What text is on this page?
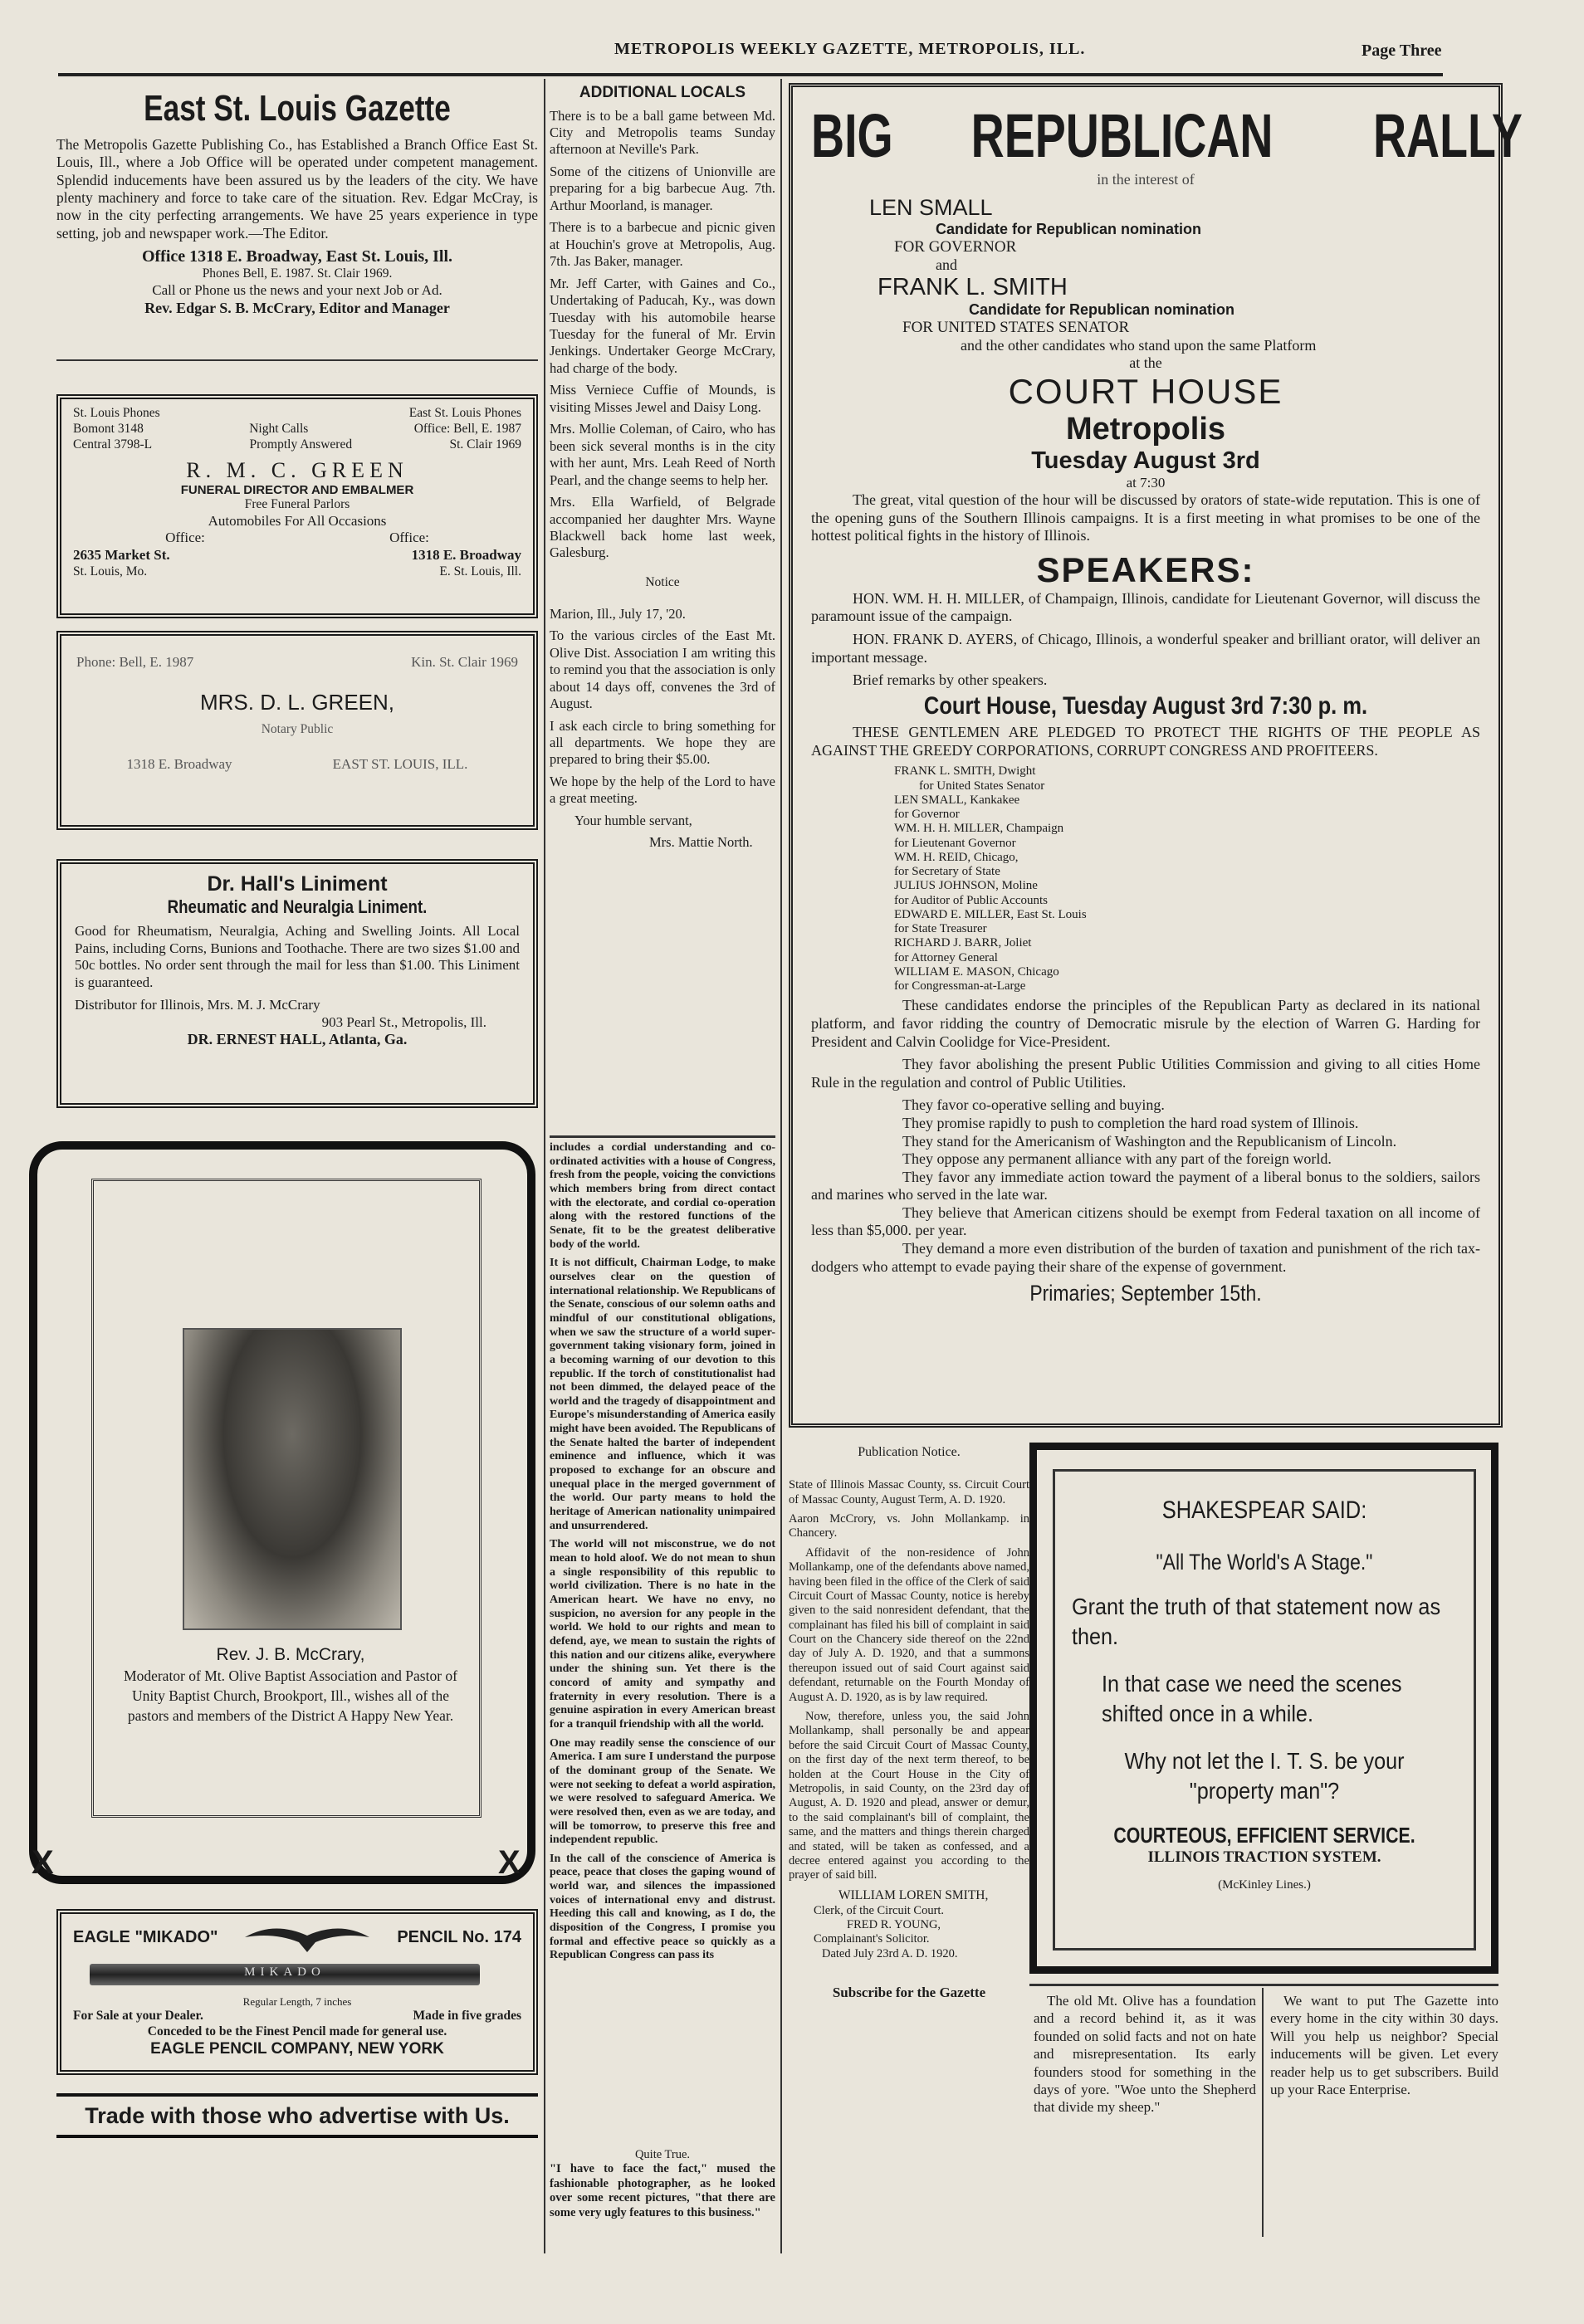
METROPOLIS WEEKLY GAZETTE, METROPOLIS, ILL.	Page Three
East St. Louis Gazette

The Metropolis Gazette Publishing Co., has Established a Branch Office East St. Louis, Ill., where a Job Office will be operated under competent management. Splendid inducements have been assured us by the leaders of the city. We have plenty machinery and force to take care of the situation. Rev. Edgar McCray, is now in the city perfecting arrangements. We have 25 years experience in type setting, job and newspaper work.—The Editor.

Office 1318 E. Broadway, East St. Louis, Ill.
Phones Bell, E. 1987. St. Clair 1969.
Call or Phone us the news and your next Job or Ad.
Rev. Edgar S. B. McCrary, Editor and Manager
St. Louis Phones	East St. Louis Phones
Bomont 3148	Night Calls	Office: Bell, E. 1987
Central 3798-L	Promptly Answered	St. Clair 1969
R. M. C. GREEN
FUNERAL DIRECTOR AND EMBALMER
Free Funeral Parlors
Automobiles For All Occasions
Office:	Office:
2635 Market St.	1318 E. Broadway
St. Louis, Mo.	E. St. Louis, Ill.
Phone: Bell, E. 1987	Kin. St. Clair 1969
MRS. D. L. GREEN,
Notary Public
1318 E. Broadway	EAST ST. LOUIS, ILL.
Dr. Hall's Liniment
Rheumatic and Neuralgia Liniment.

Good for Rheumatism, Neuralgia, Aching and Swelling Joints. All Local Pains, including Corns, Bunions and Toothache. There are two sizes $1.00 and 50c bottles. No order sent through the mail for less than $1.00. This Liniment is guaranteed.

Distributor for Illinois, Mrs. M. J. McCrary
903 Pearl St., Metropolis, Ill.
DR. ERNEST HALL, Atlanta, Ga.
Rev. J. B. McCrary,
Moderator of Mt. Olive Baptist Association and Pastor of Unity Baptist Church, Brookport, Ill., wishes all of the pastors and members of the District A Happy New Year.
X	X
EAGLE "MIKADO"	PENCIL No. 174
MIKADO
Regular Length, 7 inches
For Sale at your Dealer.	Made in five grades
Conceded to be the Finest Pencil made for general use.
EAGLE PENCIL COMPANY, NEW YORK
Trade with those who advertise with Us.
ADDITIONAL LOCALS

There is to be a ball game between Md. City and Metropolis teams Sunday afternoon at Neville's Park.

Some of the citizens of Unionville are preparing for a big barbecue Aug. 7th. Arthur Moorland, is manager.

There is to a barbecue and picnic given at Houchin's grove at Metropolis, Aug. 7th. Jas Baker, manager.

Mr. Jeff Carter, with Gaines and Co., Undertaking of Paducah, Ky., was down Tuesday with his automobile hearse Tuesday for the funeral of Mr. Ervin Jenkings. Undertaker George McCrary, had charge of the body.

Miss Verniece Cuffie of Mounds, is visiting Misses Jewel and Daisy Long.

Mrs. Mollie Coleman, of Cairo, who has been sick several months is in the city with her aunt, Mrs. Leah Reed of North Pearl, and the change seems to help her.

Mrs. Ella Warfield, of Belgrade accompanied her daughter Mrs. Wayne Blackwell back home last week, Galesburg.

Notice

Marion, Ill., July 17, '20.

To the various circles of the East Mt. Olive Dist. Association I am writing this to remind you that the association is only about 14 days off, convenes the 3rd of August.

I ask each circle to bring something for all departments. We hope they are prepared to bring their $5.00.

We hope by the help of the Lord to have a great meeting.

Your humble servant,

Mrs. Mattie North.

includes a cordial understanding and co-ordinated activities with a house of Congress, fresh from the people, voicing the convictions which members bring from direct contact with the electorate, and cordial co-operation along with the restored functions of the Senate, fit to be the greatest deliberative body of the world.

It is not difficult, Chairman Lodge, to make ourselves clear on the question of international relationship. We Republicans of the Senate, conscious of our solemn oaths and mindful of our constitutional obligations, when we saw the structure of a world super-government taking visionary form, joined in a becoming warning of our devotion to this republic. If the torch of constitutionalist had not been dimmed, the delayed peace of the world and the tragedy of disappointment and Europe's misunderstanding of America easily might have been avoided. The Republicans of the Senate halted the barter of independent eminence and influence, which it was proposed to exchange for an obscure and unequal place in the merged government of the world. Our party means to hold the heritage of American nationality unimpaired and unsurrendered.

The world will not misconstrue, we do not mean to hold aloof. We do not mean to shun a single responsibility of this republic to world civilization. There is no hate in the American heart. We have no envy, no suspicion, no aversion for any people in the world. We hold to our rights and mean to defend, aye, we mean to sustain the rights of this nation and our citizens alike, everywhere under the shining sun. Yet there is the concord of amity and sympathy and fraternity in every resolution. There is a genuine aspiration in every American breast for a tranquil friendship with all the world.

One may readily sense the conscience of our America. I am sure I understand the purpose of the dominant group of the Senate. We were not seeking to defeat a world aspiration, we were resolved to safeguard America. We were resolved then, even as we are today, and will be tomorrow, to preserve this free and independent republic.

In the call of the conscience of America is peace, peace that closes the gaping wound of world war, and silences the impassioned voices of international envy and distrust. Heeding this call and knowing, as I do, the disposition of the Congress, I promise you formal and effective peace so quickly as a Republican Congress can pass its

Quite True.

"I have to face the fact," mused the fashionable photographer, as he looked over some recent pictures, "that there are some very ugly features to this business."

BIG REPUBLICAN RALLY
in the interest of
LEN SMALL
Candidate for Republican nomination
FOR GOVERNOR
and
FRANK L. SMITH
Candidate for Republican nomination
FOR UNITED STATES SENATOR
and the other candidates who stand upon the same Platform
at the
COURT HOUSE
Metropolis
Tuesday August 3rd
at 7:30

The great, vital question of the hour will be discussed by orators of state-wide reputation. This is one of the opening guns of the Southern Illinois campaigns. It is a first meeting in what promises to be one of the hottest political fights in the history of Illinois.

SPEAKERS:

HON. WM. H. H. MILLER, of Champaign, Illinois, candidate for Lieutenant Governor, will discuss the paramount issue of the campaign.

HON. FRANK D. AYERS, of Chicago, Illinois, a wonderful speaker and brilliant orator, will deliver an important message.

Brief remarks by other speakers.
Court House, Tuesday August 3rd 7:30 p. m.

THESE GENTLEMEN ARE PLEDGED TO PROTECT THE RIGHTS OF THE PEOPLE AS AGAINST THE GREEDY CORPORATIONS, CORRUPT CONGRESS AND PROFITEERS.

FRANK L. SMITH, Dwight
for United States Senator
LEN SMALL, Kankakee
for Governor
WM. H. H. MILLER, Champaign
for Lieutenant Governor
WM. H. REID, Chicago,
for Secretary of State
JULIUS JOHNSON, Moline
for Auditor of Public Accounts
EDWARD E. MILLER, East St. Louis
for State Treasurer
RICHARD J. BARR, Joliet
for Attorney General
WILLIAM E. MASON, Chicago
for Congressman-at-Large

These candidates endorse the principles of the Republican Party as declared in its national platform, and favor ridding the country of Democratic misrule by the election of Warren G. Harding for President and Calvin Coolidge for Vice-President.

They favor abolishing the present Public Utilities Commission and giving to all cities Home Rule in the regulation and control of Public Utilities.

They favor co-operative selling and buying.

They promise rapidly to push to completion the hard road system of Illinois.

They stand for the Americanism of Washington and the Republicanism of Lincoln.

They oppose any permanent alliance with any part of the foreign world.

They favor any immediate action toward the payment of a liberal bonus to the soldiers, sailors and marines who served in the late war.

They believe that American citizens should be exempt from Federal taxation on all income of less than $5,000. per year.

They demand a more even distribution of the burden of taxation and punishment of the rich tax-dodgers who attempt to evade paying their share of the expense of government.

Primaries; September 15th.
Publication Notice.

State of Illinois Massac County, ss. Circuit Court of Massac County, August Term, A. D. 1920.

Aaron McCrory, vs. John Mollankamp. in Chancery.

Affidavit of the non-residence of John Mollankamp, one of the defendants above named, having been filed in the office of the Clerk of said Circuit Court of Massac County, notice is hereby given to the said nonresident defendant, that the complainant has filed his bill of complaint in said Court on the Chancery side thereof on the 22nd day of July A. D. 1920, and that a summons thereupon issued out of said Court against said defendant, returnable on the Fourth Monday of August A. D. 1920, as is by law required.

Now, therefore, unless you, the said John Mollankamp, shall personally be and appear before the said Circuit Court of Massac County, on the first day of the next term thereof, to be holden at the Court House in the City of Metropolis, in said County, on the 23rd day of August, A. D. 1920 and plead, answer or demur, to the said complainant's bill of complaint, the same, and the matters and things therein charged and stated, will be taken as confessed, and a decree entered against you according to the prayer of said bill.

WILLIAM LOREN SMITH,
Clerk, of the Circuit Court.
FRED R. YOUNG,
Complainant's Solicitor.
Dated July 23rd A. D. 1920.
Subscribe for the Gazette
SHAKESPEAR SAID:
"All The World's A Stage."
Grant the truth of that statement now as then.
In that case we need the scenes shifted once in a while.
Why not let the I. T. S. be your "property man"?
COURTEOUS, EFFICIENT SERVICE.
ILLINOIS TRACTION SYSTEM.
(McKinley Lines.)
The old Mt. Olive has a foundation and a record behind it, as it was founded on solid facts and not on hate and misrepresentation. Its early founders stood for something in the days of yore. "Woe unto the Shepherd that divide my sheep."
We want to put The Gazette into every home in the city within 30 days. Will you help us neighbor? Special inducements will be given. Let every reader help us to get subscribers. Build up your Race Enterprise.
